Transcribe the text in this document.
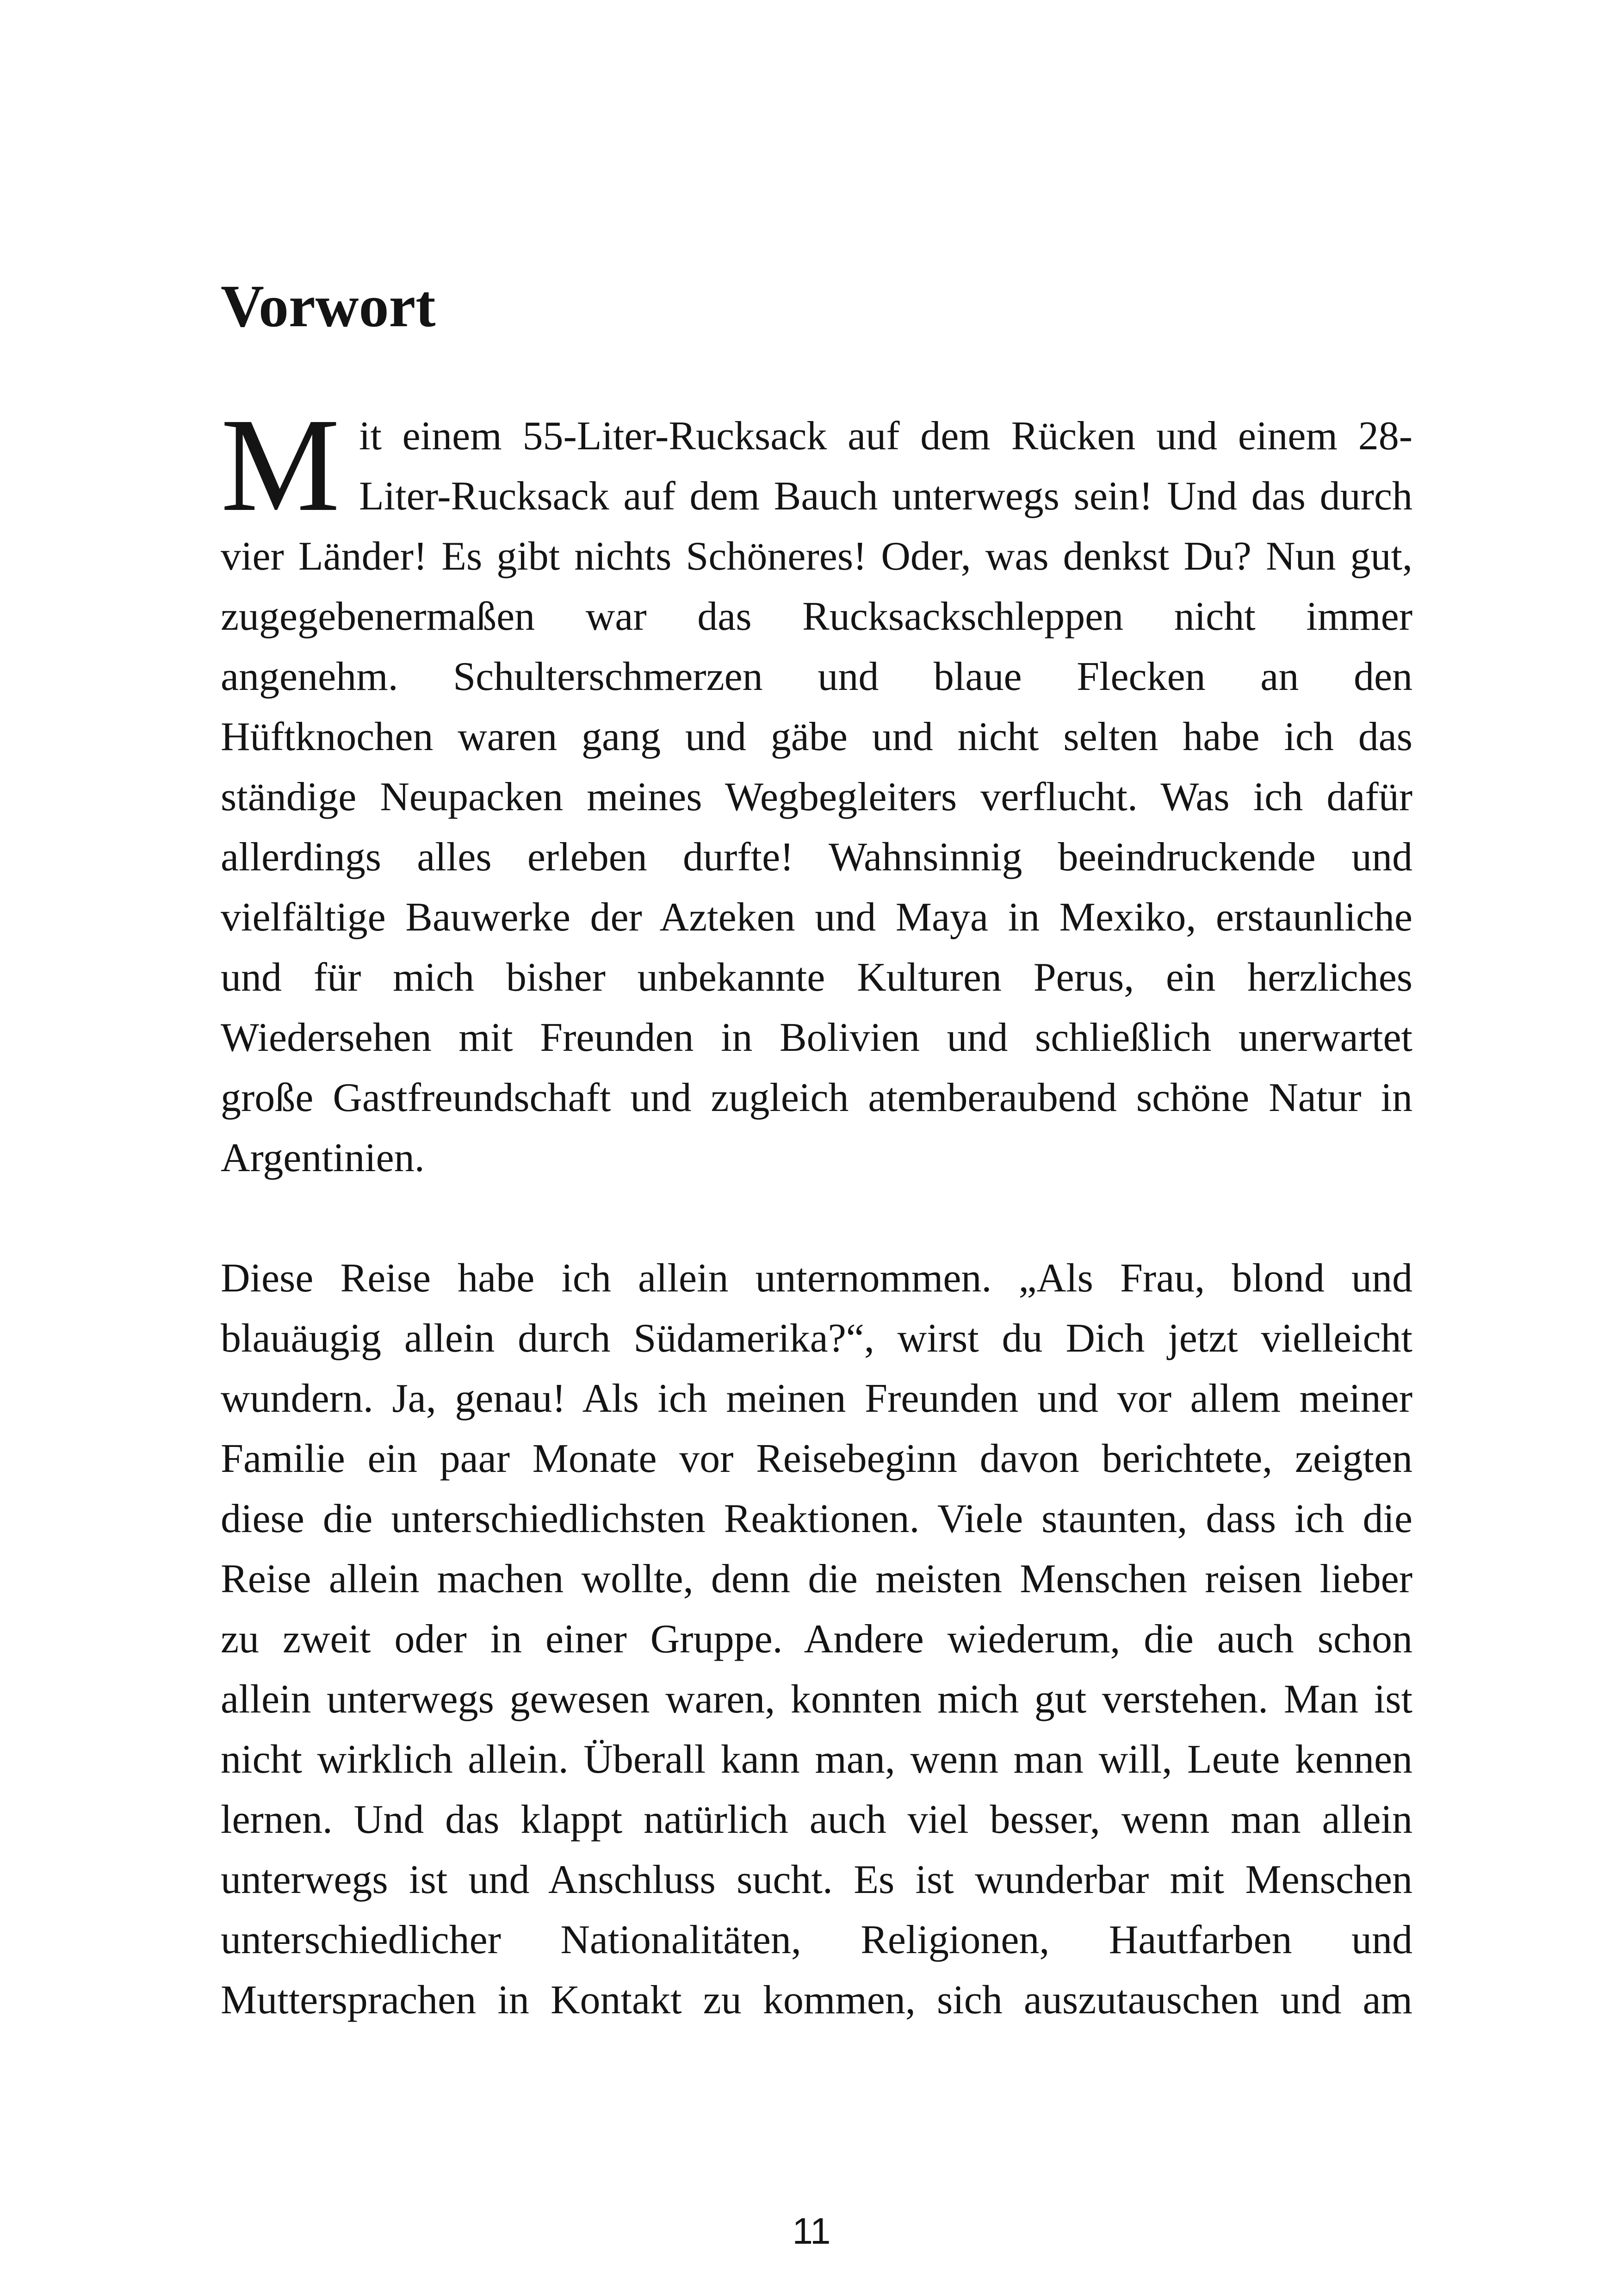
Vorwort
M it einem 55-Liter-Rucksack auf dem Rücken und einem 28-
Liter-Rucksack auf dem Bauch unterwegs sein! Und das durch
vier Länder! Es gibt nichts Schöneres! Oder, was denkst Du? Nun gut,
zugegebenermaßen war das Rucksackschleppen nicht immer
angenehm. Schulterschmerzen und blaue Flecken an den
Hüftknochen waren gang und gäbe und nicht selten habe ich das
ständige Neupacken meines Wegbegleiters verflucht. Was ich dafür
allerdings alles erleben durfte! Wahnsinnig beeindruckende und
vielfältige Bauwerke der Azteken und Maya in Mexiko, erstaunliche
und für mich bisher unbekannte Kulturen Perus, ein herzliches
Wiedersehen mit Freunden in Bolivien und schließlich unerwartet
große Gastfreundschaft und zugleich atemberaubend schöne Natur in
Argentinien.
Diese Reise habe ich allein unternommen. „Als Frau, blond und
blauäugig allein durch Südamerika?“, wirst du Dich jetzt vielleicht
wundern. Ja, genau! Als ich meinen Freunden und vor allem meiner
Familie ein paar Monate vor Reisebeginn davon berichtete, zeigten
diese die unterschiedlichsten Reaktionen. Viele staunten, dass ich die
Reise allein machen wollte, denn die meisten Menschen reisen lieber
zu zweit oder in einer Gruppe. Andere wiederum, die auch schon
allein unterwegs gewesen waren, konnten mich gut verstehen. Man ist
nicht wirklich allein. Überall kann man, wenn man will, Leute kennen
lernen. Und das klappt natürlich auch viel besser, wenn man allein
unterwegs ist und Anschluss sucht. Es ist wunderbar mit Menschen
unterschiedlicher Nationalitäten, Religionen, Hautfarben und
Muttersprachen in Kontakt zu kommen, sich auszutauschen und am
11
